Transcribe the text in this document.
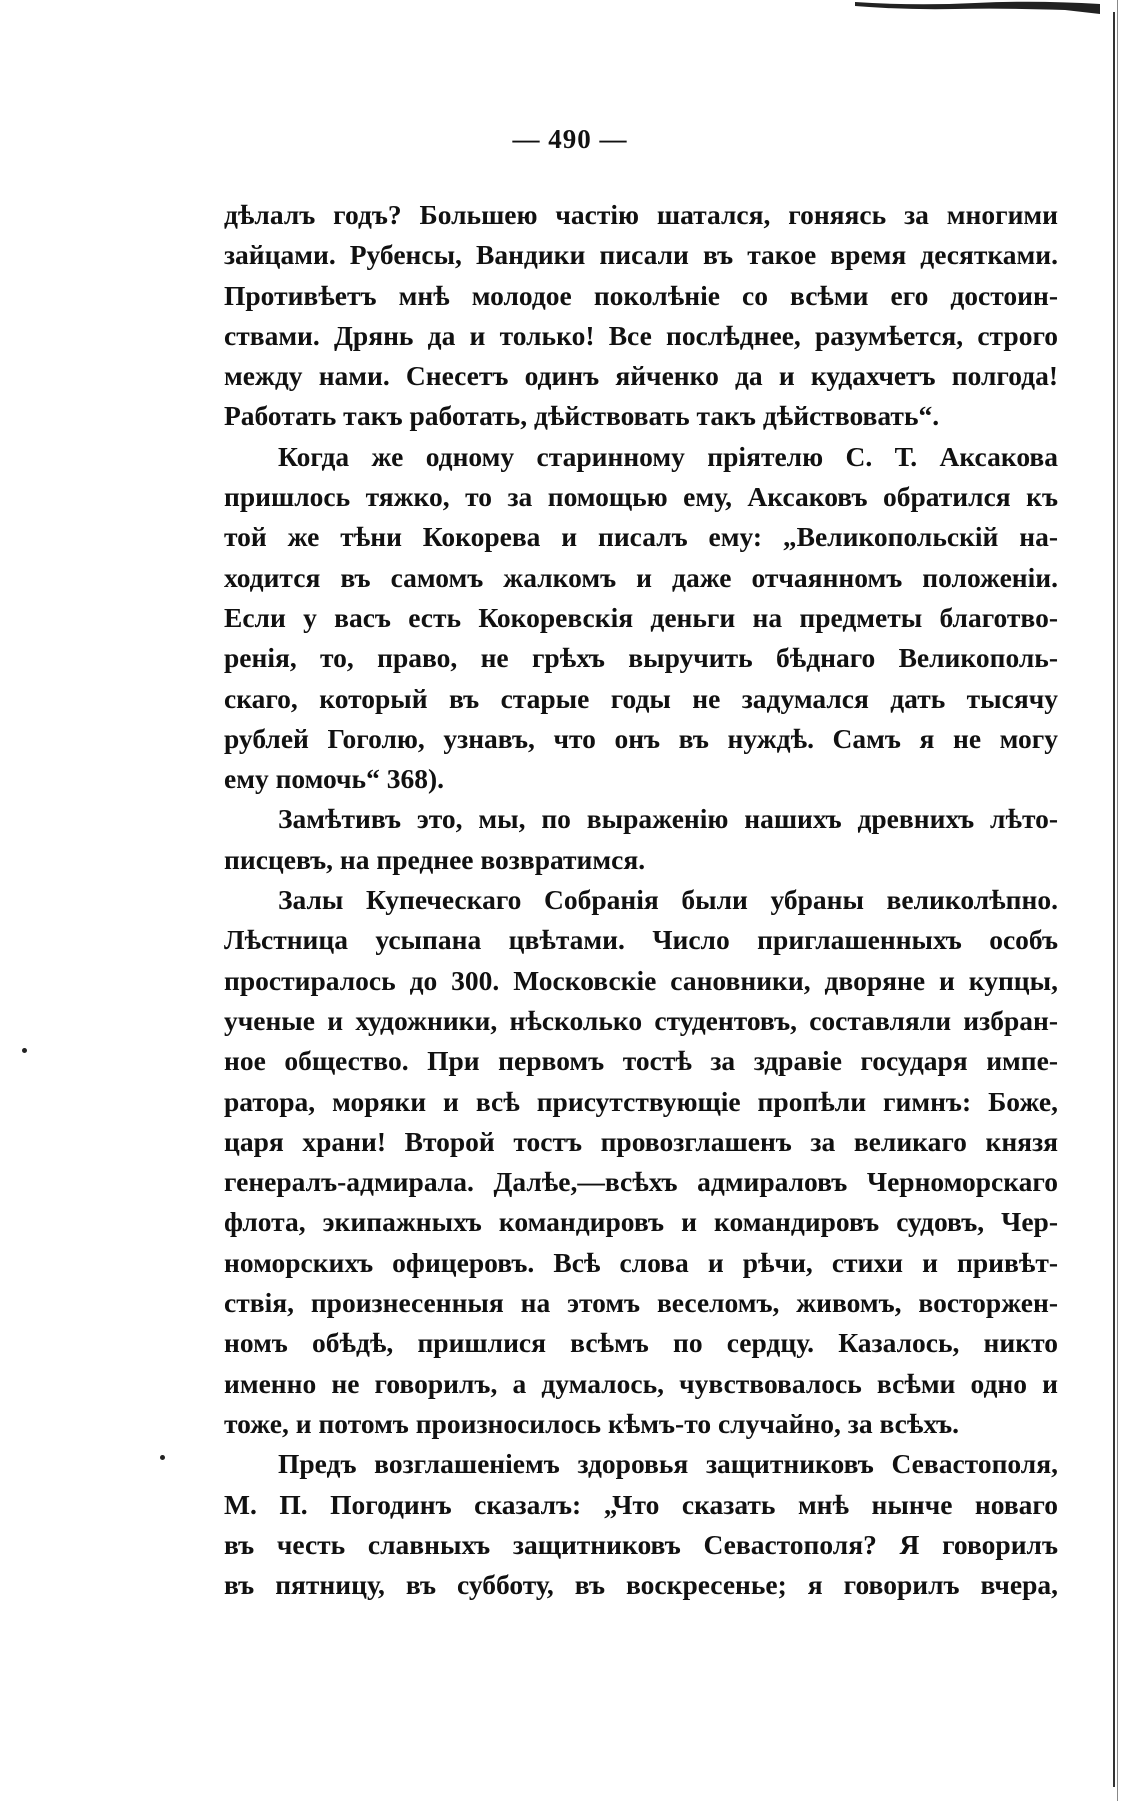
— 490 —
дѣлалъ годъ? Большею частію шатался, гоняясь за многими
зайцами. Рубенсы, Вандики писали въ такое время десятками.
Противѣетъ мнѣ молодое поколѣніе со всѣми его достоин-
ствами. Дрянь да и только! Все послѣднее, разумѣется, строго
между нами. Снесетъ одинъ яйченко да и кудахчетъ полгода!
Работать такъ работать, дѣйствовать такъ дѣйствовать“.
Когда же одному старинному пріятелю С. Т. Аксакова
пришлось тяжко, то за помощью ему, Аксаковъ обратился къ
той же тѣни Кокорева и писалъ ему: „Великопольскій на-
ходится въ самомъ жалкомъ и даже отчаянномъ положеніи.
Если у васъ есть Кокоревскія деньги на предметы благотво-
ренія, то, право, не грѣхъ выручить бѣднаго Великополь-
скаго, который въ старые годы не задумался дать тысячу
рублей Гоголю, узнавъ, что онъ въ нуждѣ. Самъ я не могу
ему помочь“ 368).
Замѣтивъ это, мы, по выраженію нашихъ древнихъ лѣто-
писцевъ, на преднее возвратимся.
Залы Купеческаго Собранія были убраны великолѣпно.
Лѣстница усыпана цвѣтами. Число приглашенныхъ особъ
простиралось до 300. Московскіе сановники, дворяне и купцы,
ученые и художники, нѣсколько студентовъ, составляли избран-
ное общество. При первомъ тостѣ за здравіе государя импе-
ратора, моряки и всѣ присутствующіе пропѣли гимнъ: Боже,
царя храни! Второй тостъ провозглашенъ за великаго князя
генералъ-адмирала. Далѣе,—всѣхъ адмираловъ Черноморскаго
флота, экипажныхъ командировъ и командировъ судовъ, Чер-
номорскихъ офицеровъ. Всѣ слова и рѣчи, стихи и привѣт-
ствія, произнесенныя на этомъ веселомъ, живомъ, восторжен-
номъ обѣдѣ, пришлися всѣмъ по сердцу. Казалось, никто
именно не говорилъ, а думалось, чувствовалось всѣми одно и
тоже, и потомъ произносилось кѣмъ-то случайно, за всѣхъ.
Предъ возглашеніемъ здоровья защитниковъ Севастополя,
М. П. Погодинъ сказалъ: „Что сказать мнѣ нынче новаго
въ честь славныхъ защитниковъ Севастополя? Я говорилъ
въ пятницу, въ субботу, въ воскресенье; я говорилъ вчера,
